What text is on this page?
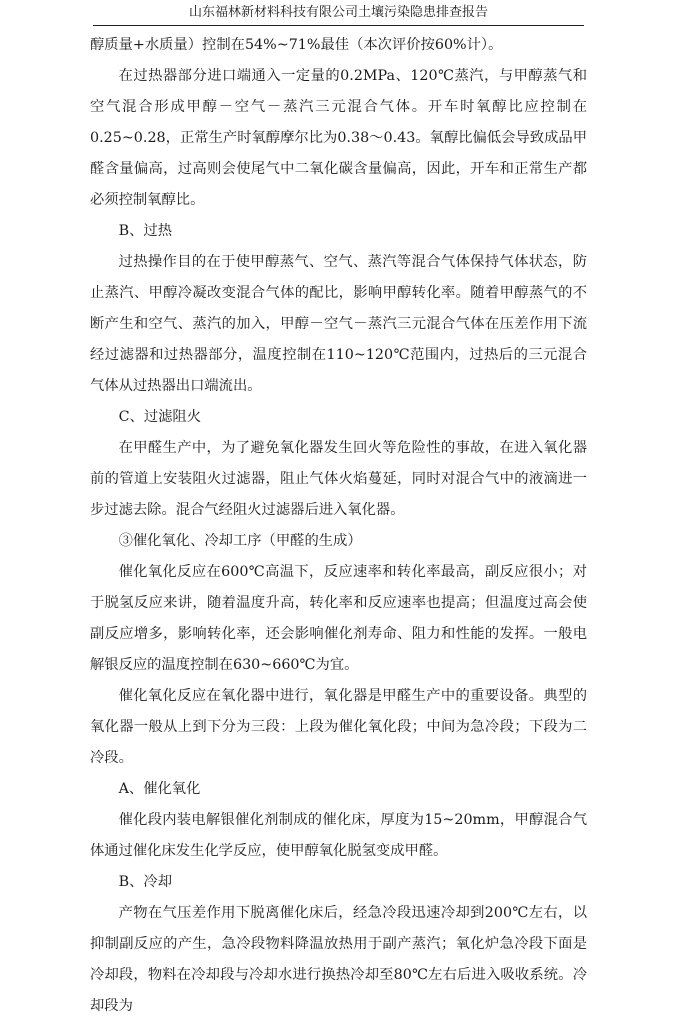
山东福林新材料科技有限公司土壤污染隐患排查报告

醇质量+水质量）控制在54%~71%最佳（本次评价按60%计）。

在过热器部分进口端通入一定量的0.2MPa、120℃蒸汽，与甲醇蒸气和空气混合形成甲醇－空气－蒸汽三元混合气体。开车时氧醇比应控制在0.25~0.28，正常生产时氧醇摩尔比为0.38～0.43。氧醇比偏低会导致成品甲醛含量偏高，过高则会使尾气中二氧化碳含量偏高，因此，开车和正常生产都必须控制氧醇比。

B、过热

过热操作目的在于使甲醇蒸气、空气、蒸汽等混合气体保持气体状态，防止蒸汽、甲醇冷凝改变混合气体的配比，影响甲醇转化率。随着甲醇蒸气的不断产生和空气、蒸汽的加入，甲醇－空气－蒸汽三元混合气体在压差作用下流经过滤器和过热器部分，温度控制在110~120℃范围内，过热后的三元混合气体从过热器出口端流出。

C、过滤阻火

在甲醛生产中，为了避免氧化器发生回火等危险性的事故，在进入氧化器前的管道上安装阻火过滤器，阻止气体火焰蔓延，同时对混合气中的液滴进一步过滤去除。混合气经阻火过滤器后进入氧化器。

③催化氧化、冷却工序（甲醛的生成）

催化氧化反应在600℃高温下，反应速率和转化率最高，副反应很小；对于脱氢反应来讲，随着温度升高，转化率和反应速率也提高；但温度过高会使副反应增多，影响转化率，还会影响催化剂寿命、阻力和性能的发挥。一般电解银反应的温度控制在630~660℃为宜。

催化氧化反应在氧化器中进行，氧化器是甲醛生产中的重要设备。典型的氧化器一般从上到下分为三段：上段为催化氧化段；中间为急冷段；下段为二冷段。

A、催化氧化

催化段内装电解银催化剂制成的催化床，厚度为15~20mm，甲醇混合气体通过催化床发生化学反应，使甲醇氧化脱氢变成甲醛。

B、冷却

产物在气压差作用下脱离催化床后，经急冷段迅速冷却到200℃左右，以抑制副反应的产生，急冷段物料降温放热用于副产蒸汽；氧化炉急冷段下面是冷却段，物料在冷却段与冷却水进行换热冷却至80℃左右后进入吸收系统。冷却段为
